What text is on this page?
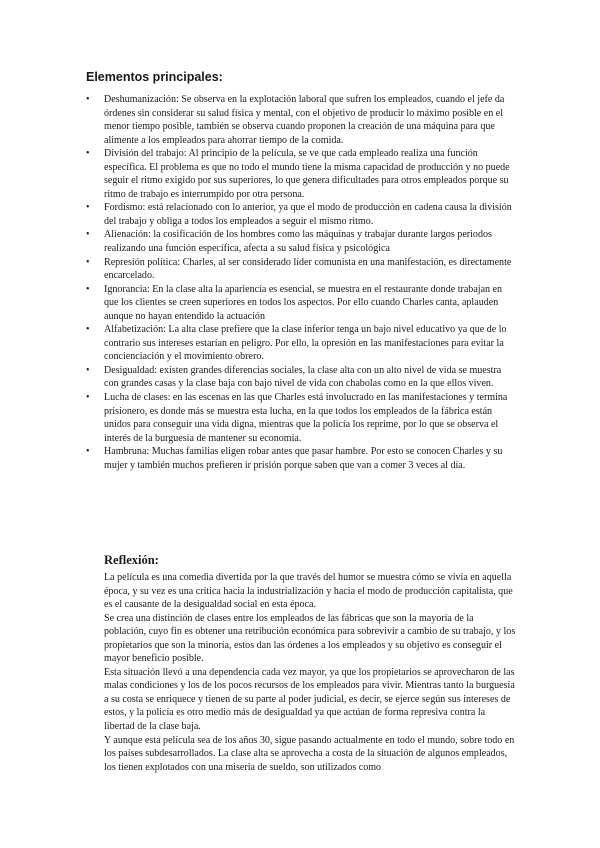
Elementos principales:
• Deshumanización: Se observa en la explotación laboral que sufren los empleados, cuando el jefe da órdenes sin considerar su salud física y mental, con el objetivo de producir lo máximo posible en el menor tiempo posible, también se observa cuando proponen la creación de una máquina para que alimente a los empleados para ahorrar tiempo de la comida.
• División del trabajo: Al principio de la película, se ve que cada empleado realiza una función específica. El problema es que no todo el mundo tiene la misma capacidad de producción y no puede seguir el ritmo exigido por sus superiores, lo que genera dificultades para otros empleados porque su ritmo de trabajo es interrumpido por otra persona.
• Fordismo: está relacionado con lo anterior, ya que el modo de producción en cadena causa la división del trabajo y obliga a todos los empleados a seguir el mismo ritmo.
• Alienación: la cosificación de los hombres como las máquinas y trabajar durante largos periodos realizando una función específica, afecta a su salud física y psicológica
• Represión política: Charles, al ser considerado líder comunista en una manifestación, es directamente encarcelado.
• Ignorancia: En la clase alta la apariencia es esencial, se muestra en el restaurante donde trabajan en que los clientes se creen superiores en todos los aspectos. Por ello cuando Charles canta, aplauden aunque no hayan entendido la actuación
• Alfabetización: La alta clase prefiere que la clase inferior tenga un bajo nivel educativo ya que de lo contrario sus intereses estarían en peligro. Por ello, la opresión en las manifestaciones para evitar la concienciación y el movimiento obrero.
• Desigualdad: existen grandes diferencias sociales, la clase alta con un alto nivel de vida se muestra con grandes casas y la clase baja con bajo nivel de vida con chabolas como en la que ellos viven.
• Lucha de clases: en las escenas en las que Charles está involucrado en las manifestaciones y termina prisionero, es donde más se muestra esta lucha, en la que todos los empleados de la fábrica están unidos para conseguir una vida digna, mientras que la policía los reprime, por lo que se observa el interés de la burguesía de mantener su economía.
• Hambruna: Muchas familias eligen robar antes que pasar hambre. Por esto se conocen Charles y su mujer y también muchos prefieren ir prisión porque saben que van a comer 3 veces al día.
Reflexión:

La película es una comedia divertida por la que través del humor se muestra cómo se vivía en aquella época, y su vez es una crítica hacia la industrialización y hacia el modo de producción capitalista, que es el causante de la desigualdad social en esta época.

Se crea una distinción de clases entre los empleados de las fábricas que son la mayoría de la población, cuyo fin es obtener una retribución económica para sobrevivir a cambio de su trabajo, y los propietarios que son la minoría, estos dan las órdenes a los empleados y su objetivo es conseguir el mayor beneficio posible.

Esta situación llevó a una dependencia cada vez mayor, ya que los propietarios se aprovecharon de las malas condiciones y los de los pocos recursos de los empleados para vivir. Mientras tanto la burguesía a su costa se enriquece y tienen de su parte al poder judicial, es decir, se ejerce según sus intereses de estos, y la policía es otro medio más de desigualdad ya que actúan de forma represiva contra la libertad de la clase baja.

Y aunque esta película sea de los años 30, sigue pasando actualmente en todo el mundo, sobre todo en los países subdesarrollados. La clase alta se aprovecha a costa de la situación de algunos empleados, los tienen explotados con una miseria de sueldo, son utilizados como
